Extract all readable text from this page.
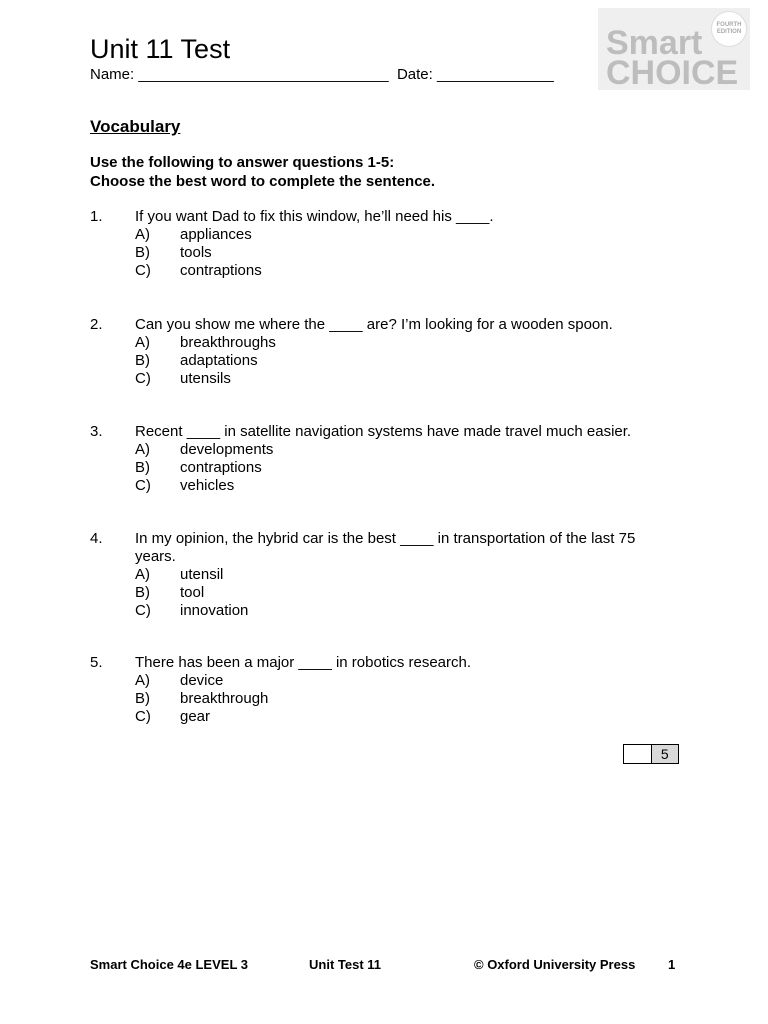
Unit 11 Test
Name: ______________________________  Date: ______________
Smart
CHOICE
FOURTH EDITION
Vocabulary
Use the following to answer questions 1-5:
Choose the best word to complete the sentence.
1. If you want Dad to fix this window, he’ll need his ____.
A) appliances
B) tools
C) contraptions
2. Can you show me where the ____ are? I’m looking for a wooden spoon.
A) breakthroughs
B) adaptations
C) utensils
3. Recent ____ in satellite navigation systems have made travel much easier.
A) developments
B) contraptions
C) vehicles
4. In my opinion, the hybrid car is the best ____ in transportation of the last 75 years.
A) utensil
B) tool
C) innovation
5. There has been a major ____ in robotics research.
A) device
B) breakthrough
C) gear
5
Smart Choice 4e LEVEL 3	Unit Test 11	© Oxford University Press	1
